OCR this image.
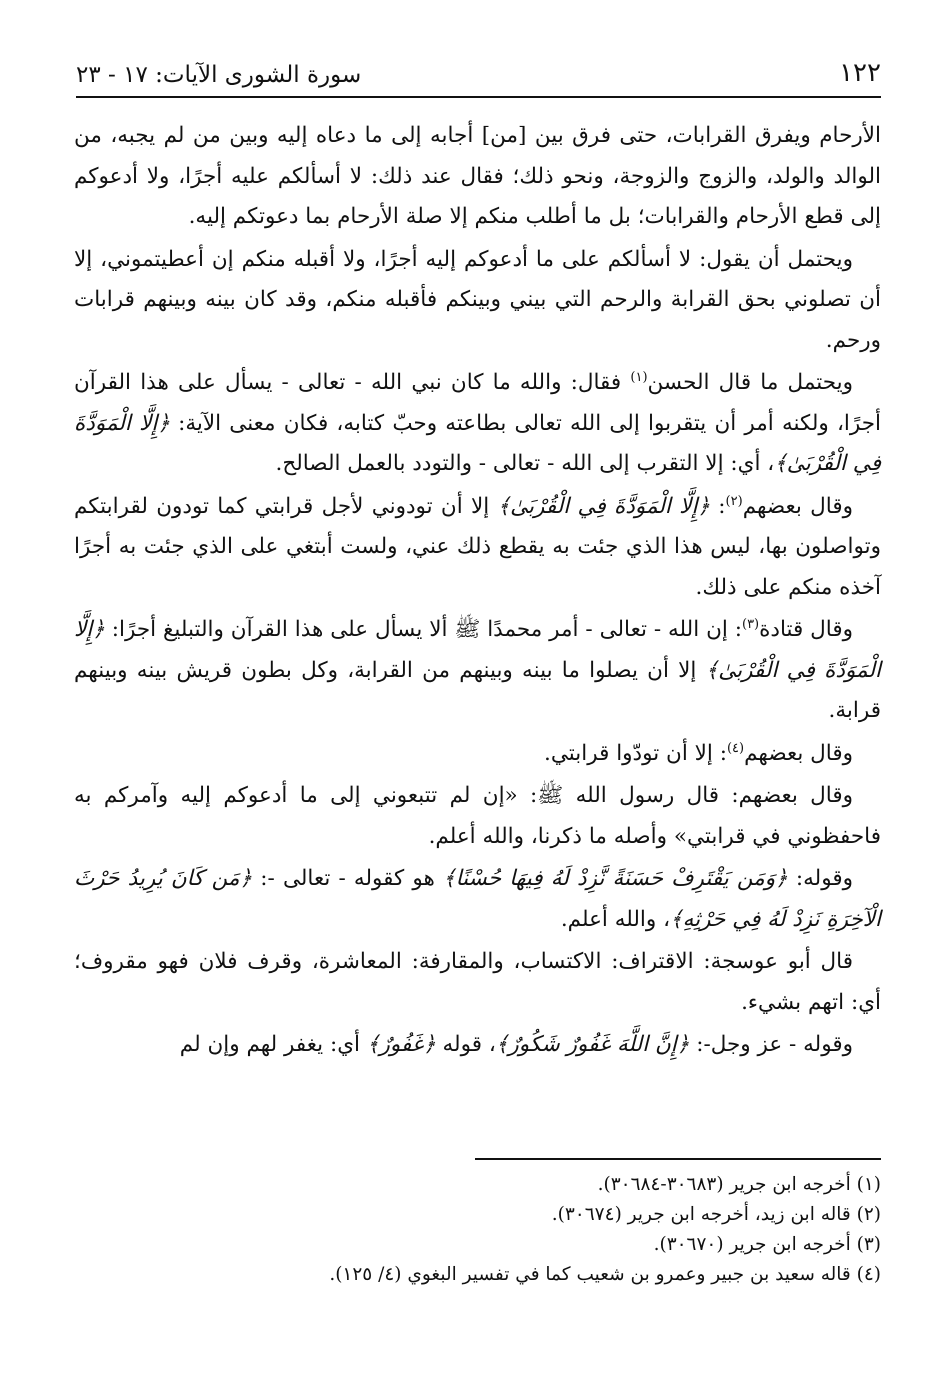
١٢٢
سورة الشورى الآيات: ١٧ - ٢٣

الأرحام ويفرق القرابات، حتى فرق بين [من] أجابه إلى ما دعاه إليه وبين من لم يجبه، من الوالد والولد، والزوج والزوجة، ونحو ذلك؛ فقال عند ذلك: لا أسألكم عليه أجرًا، ولا أدعوكم إلى قطع الأرحام والقرابات؛ بل ما أطلب منكم إلا صلة الأرحام بما دعوتكم إليه.

ويحتمل أن يقول: لا أسألكم على ما أدعوكم إليه أجرًا، ولا أقبله منكم إن أعطيتموني، إلا أن تصلوني بحق القرابة والرحم التي بيني وبينكم فأقبله منكم، وقد كان بينه وبينهم قرابات ورحم.

ويحتمل ما قال الحسن$^{(١)}$ فقال: والله ما كان نبي الله - تعالى - يسأل على هذا القرآن أجرًا، ولكنه أمر أن يتقربوا إلى الله تعالى بطاعته وحبّ كتابه، فكان معنى الآية: ﴿إِلَّا الْمَوَدَّةَ فِي الْقُرْبَىٰ﴾، أي: إلا التقرب إلى الله - تعالى - والتودد بالعمل الصالح.

وقال بعضهم$^{(٢)}$: ﴿إِلَّا الْمَوَدَّةَ فِي الْقُرْبَىٰ﴾ إلا أن تودوني لأجل قرابتي كما تودون لقرابتكم وتواصلون بها، ليس هذا الذي جئت به يقطع ذلك عني، ولست أبتغي على الذي جئت به أجرًا آخذه منكم على ذلك.

وقال قتادة$^{(٣)}$: إن الله - تعالى - أمر محمدًا ﷺ ألا يسأل على هذا القرآن والتبليغ أجرًا: ﴿إِلَّا الْمَوَدَّةَ فِي الْقُرْبَىٰ﴾ إلا أن يصلوا ما بينه وبينهم من القرابة، وكل بطون قريش بينه وبينهم قرابة.

وقال بعضهم$^{(٤)}$: إلا أن تودّوا قرابتي.

وقال بعضهم: قال رسول الله ﷺ: «إن لم تتبعوني إلى ما أدعوكم إليه وآمركم به فاحفظوني في قرابتي» وأصله ما ذكرنا، والله أعلم.

وقوله: ﴿وَمَن يَقْتَرِفْ حَسَنَةً نَّزِدْ لَهُ فِيهَا حُسْنًا﴾ هو كقوله - تعالى -: ﴿مَن كَانَ يُرِيدُ حَرْثَ الْآخِرَةِ نَزِدْ لَهُ فِي حَرْثِهِ﴾، والله أعلم.

قال أبو عوسجة: الاقتراف: الاكتساب، والمقارفة: المعاشرة، وقرف فلان فهو مقروف؛ أي: اتهم بشيء.

وقوله - عز وجل-: ﴿إِنَّ اللَّهَ غَفُورٌ شَكُورٌ﴾، قوله ﴿غَفُورٌ﴾ أي: يغفر لهم وإن لم

(١) أخرجه ابن جرير (٣٠٦٨٣-٣٠٦٨٤).
(٢) قاله ابن زيد، أخرجه ابن جرير (٣٠٦٧٤).
(٣) أخرجه ابن جرير (٣٠٦٧٠).
(٤) قاله سعيد بن جبير وعمرو بن شعيب كما في تفسير البغوي (٤/ ١٢٥).
